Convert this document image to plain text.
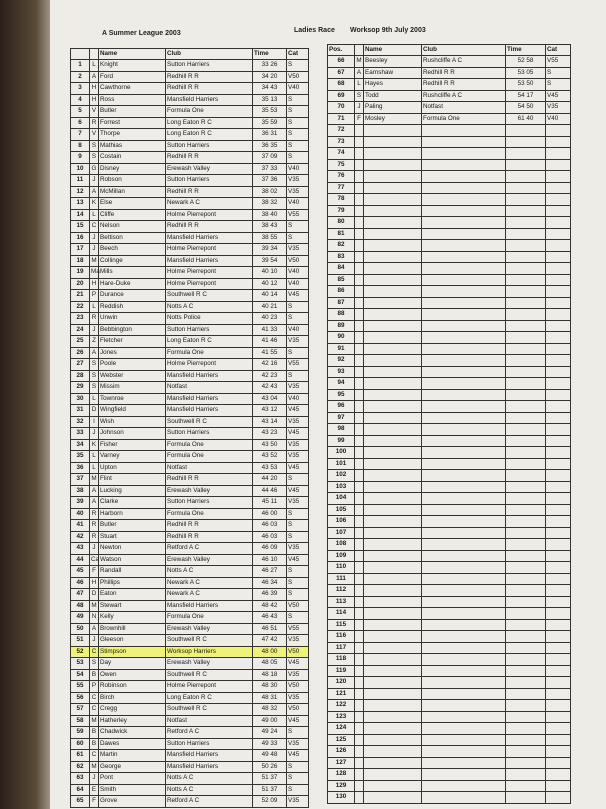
A Summer League 2003	Ladies Race Worksop 9th July 2003
		Name	Club	Time	Cat
1	L	Knight	Sutton Harriers	33 26	S
2	A	Ford	Redhill R R	34 20	V50
3	H	Cawthorne	Redhill R R	34 43	V40
4	H	Ross	Mansfield Harriers	35 13	S
5	V	Butler	Formula One	35 53	S
6	R	Forrest	Long Eaton R C	35 59	S
7	V	Thorpe	Long Eaton R C	36 31	S
8	S	Mathias	Sutton Harriers	36 35	S
9	S	Costain	Redhill R R	37 09	S
10	G	Disney	Erewash Valley	37 33	V40
11	J	Robson	Sutton Harriers	37 36	V35
12	A	McMillan	Redhill R R	38 02	V35
13	K	Else	Newark A C	38 32	V40
14	L	Cliffe	Holme Pierrepont	38 40	V55
15	C	Nelson	Redhill R R	38 43	S
16	J	Bettison	Mansfield Harriers	38 55	S
17	J	Beech	Holme Pierrepont	39 34	V35
18	M	Collinge	Mansfield Harriers	39 54	V50
19	Ma	Mills	Holme Pierrepont	40 10	V40
20	H	Hare-Duke	Holme Pierrepont	40 12	V40
21	P	Durance	Southwell R C	40 14	V45
22	L	Reddish	Notts A C	40 21	S
23	R	Unwin	Notts Police	40 23	S
24	J	Bebbington	Sutton Harriers	41 33	V40
25	Z	Fletcher	Long Eaton R C	41 46	V35
26	A	Jones	Formula One	41 55	S
27	S	Poole	Holme Pierrepont	42 16	V55
28	S	Webster	Mansfield Harriers	42 23	S
29	S	Missim	Notfast	42 43	V35
30	L	Townroe	Mansfield Harriers	43 04	V40
31	D	Wingfield	Mansfield Harriers	43 12	V45
32	I	Wish	Southwell R C	43 14	V35
33	J	Johnson	Sutton Harriers	43 23	V45
34	K	Fisher	Formula One	43 50	V35
35	L	Varney	Formula One	43 52	V35
36	L	Upton	Notfast	43 53	V45
37	M	Flint	Redhill R R	44 20	S
38	A	Lucking	Erewash Valley	44 46	V45
39	A	Clarke	Sutton Harriers	45 11	V35
40	R	Harborn	Formula One	46 00	S
41	R	Butler	Redhill R R	46 03	S
42	R	Stuart	Redhill R R	46 03	S
43	J	Newton	Retford A C	46 09	V35
44	Ca	Watson	Erewash Valley	46 10	V45
45	F	Randall	Notts A C	46 27	S
46	H	Phillips	Newark A C	46 34	S
47	D	Eaton	Newark A C	46 39	S
48	M	Stewart	Mansfield Harriers	48 42	V50
49	N	Kelly	Formula One	46 43	S
50	A	Brownhill	Erewash Valley	46 51	V55
51	J	Gleeson	Southwell R C	47 42	V35
52	C	Stimpson	Worksop Harriers	48 00	V50
53	S	Day	Erewash Valley	48 05	V45
54	B	Owen	Southwell R C	48 18	V35
55	P	Robinson	Holme Pierrepont	48 30	V50
56	C	Birch	Long Eaton R C	48 31	V35
57	C	Cregg	Southwell R C	48 32	V50
58	M	Hatherley	Notfast	49 00	V45
59	B	Chadwick	Retford A C	49 24	S
60	B	Dawes	Sutton Harriers	49 33	V35
61	C	Martin	Mansfield Harriers	49 48	V45
62	M	George	Mansfield Harriers	50 26	S
63	J	Pont	Notts A C	51 37	S
64	E	Smith	Notts A C	51 37	S
65	F	Grove	Retford A C	52 09	V35
Pos.		Name	Club	Time	Cat
66	M	Beesley	Rushcliffe A C	52 58	V55
67	A	Earnshaw	Redhill R R	53 05	S
68	L	Hayes	Redhill R R	53 50	S
69	S	Todd	Rushcliffe A C	54 17	V45
70	J	Paling	Notfast	54 50	V35
71	F	Mosley	Formula One	61 40	V40
72					
73					
74					
75					
76					
77					
78					
79					
80					
81					
82					
83					
84					
85					
86					
87					
88					
89					
90					
91					
92					
93					
94					
95					
96					
97					
98					
99					
100					
101					
102					
103					
104					
105					
106					
107					
108					
109					
110					
111					
112					
113					
114					
115					
116					
117					
118					
119					
120					
121					
122					
123					
124					
125					
126					
127					
128					
129					
130					
